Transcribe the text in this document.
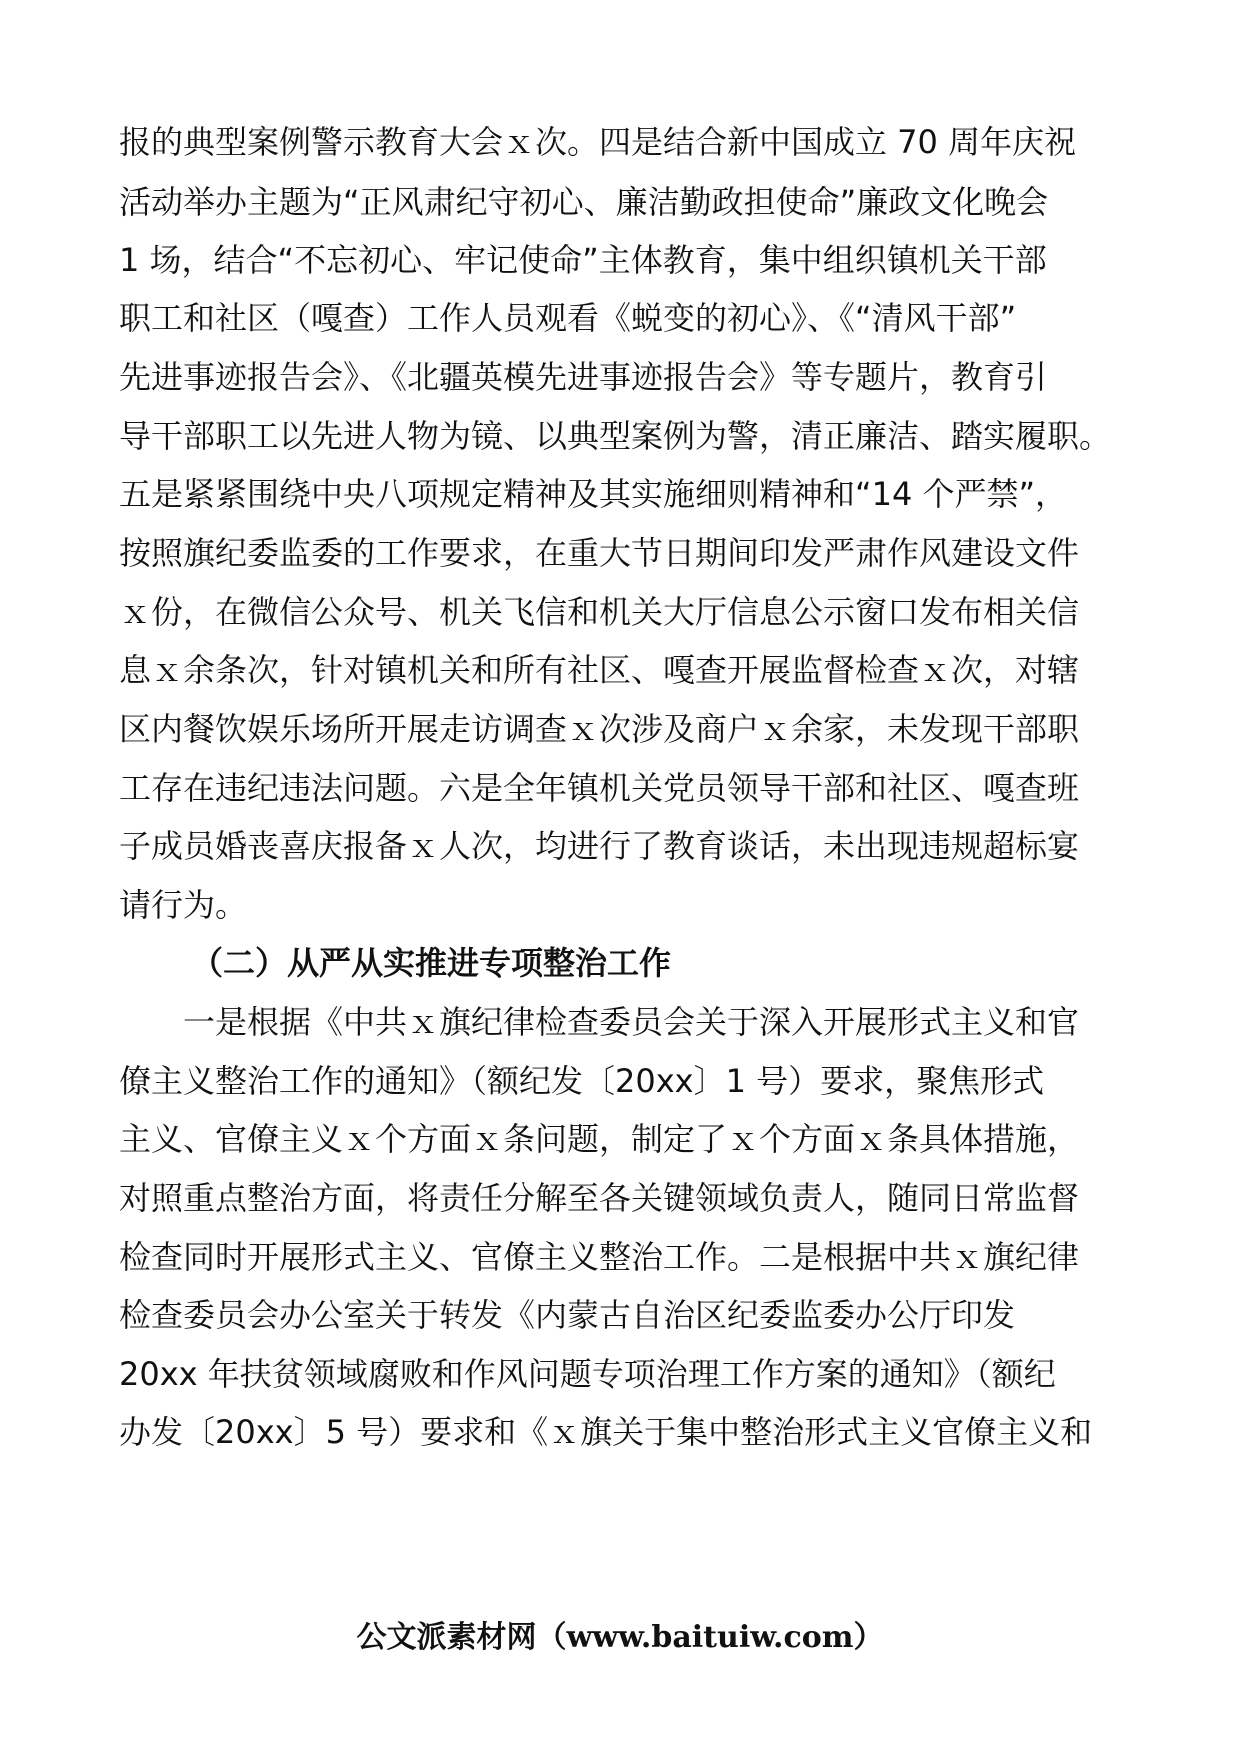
报的典型案例警示教育大会ｘ次。四是结合新中国成立 70 周年庆祝
活动举办主题为“正风肃纪守初心、廉洁勤政担使命”廉政文化晚会
1 场，结合“不忘初心、牢记使命”主体教育，集中组织镇机关干部
职工和社区（嘎查）工作人员观看《蜕变的初心》、《“清风干部”
先进事迹报告会》、《北疆英模先进事迹报告会》等专题片，教育引
导干部职工以先进人物为镜、以典型案例为警，清正廉洁、踏实履职。
五是紧紧围绕中央八项规定精神及其实施细则精神和“14 个严禁”，
按照旗纪委监委的工作要求，在重大节日期间印发严肃作风建设文件
ｘ份，在微信公众号、机关飞信和机关大厅信息公示窗口发布相关信
息ｘ余条次，针对镇机关和所有社区、嘎查开展监督检查ｘ次，对辖
区内餐饮娱乐场所开展走访调查ｘ次涉及商户ｘ余家，未发现干部职
工存在违纪违法问题。六是全年镇机关党员领导干部和社区、嘎查班
子成员婚丧喜庆报备ｘ人次，均进行了教育谈话，未出现违规超标宴
请行为。
（二）从严从实推进专项整治工作
一是根据《中共ｘ旗纪律检查委员会关于深入开展形式主义和官
僚主义整治工作的通知》（额纪发〔20xx〕1 号）要求，聚焦形式
主义、官僚主义ｘ个方面ｘ条问题，制定了ｘ个方面ｘ条具体措施，
对照重点整治方面，将责任分解至各关键领域负责人，随同日常监督
检查同时开展形式主义、官僚主义整治工作。二是根据中共ｘ旗纪律
检查委员会办公室关于转发《内蒙古自治区纪委监委办公厅印发
20xx 年扶贫领域腐败和作风问题专项治理工作方案的通知》（额纪
办发〔20xx〕5 号）要求和《ｘ旗关于集中整治形式主义官僚主义和
公文派素材网（www.baituiw.com）
